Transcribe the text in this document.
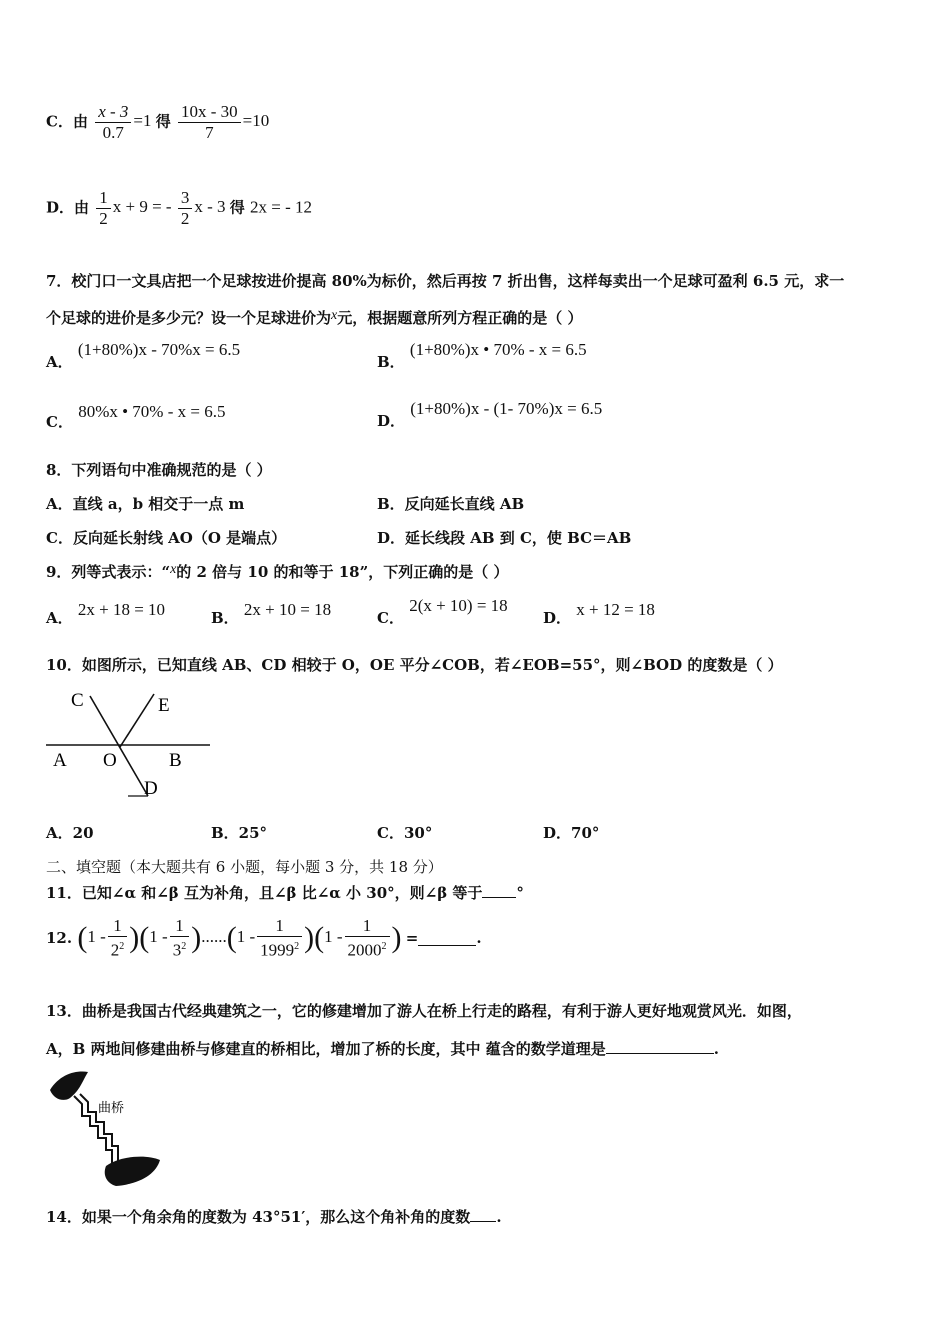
C．由 $\frac{x - 3}{0.7} =1$ 得 $\frac{10x - 30}{7} =10$
D．由 $\frac{1}{2}$ x + 9 = - $\frac{3}{2}$ x - 3 得 2x = - 12
7．校门口一文具店把一个足球按进价提高 80%为标价，然后再按 7 折出售，这样每卖出一个足球可盈利 6.5 元，求一
个足球的进价是多少元？设一个足球进价为x元，根据题意所列方程正确的是（ ）
A． (1+80%)x - 70%x = 6.5
B． (1+80%)x • 70% - x = 6.5
C． 80%x • 70% - x = 6.5	D． (1+80%)x - (1- 70%)x = 6.5
8．下列语句中准确规范的是（ ）
A．直线 a，b 相交于一点 m	B．反向延长直线 AB
C．反向延长射线 AO（O 是端点）	D．延长线段 AB 到 C，使 BC＝AB
9．列等式表示：“x的 2 倍与 10 的和等于 18”，下列正确的是（ ）
A． 2x + 18 = 10	B． 2x + 10 = 18	C． 2(x + 10) = 18
D． x + 12 = 18
10．如图所示，已知直线 AB、CD 相较于 O，OE 平分∠COB，若∠EOB=55°，则∠BOD 的度数是（ ）
C	E
A O	B
D
A．20	B．25°	C．30°	D．70°
二、填空题（本大题共有 6 小题，每小题 3 分，共 18 分）
11．已知∠α 和∠β 互为补角，且∠β 比∠α 小 30°，则∠β 等于 °
12. $(1 - \frac{1}{2^2} )(1 - \frac{1}{3^2} )......(1 - \frac{1}{1999^2} )(1 - \frac{1}{2000^2}$ ) =	.
13．曲桥是我国古代经典建筑之一，它的修建增加了游人在桥上行走的路程，有利于游人更好地观赏风光．如图，
A，B 两地间修建曲桥与修建直的桥相比，增加了桥的长度，其中 蕴含的数学道理是	.
曲桥
14．如果一个角余角的度数为 43°51′，那么这个角补角的度数 .
